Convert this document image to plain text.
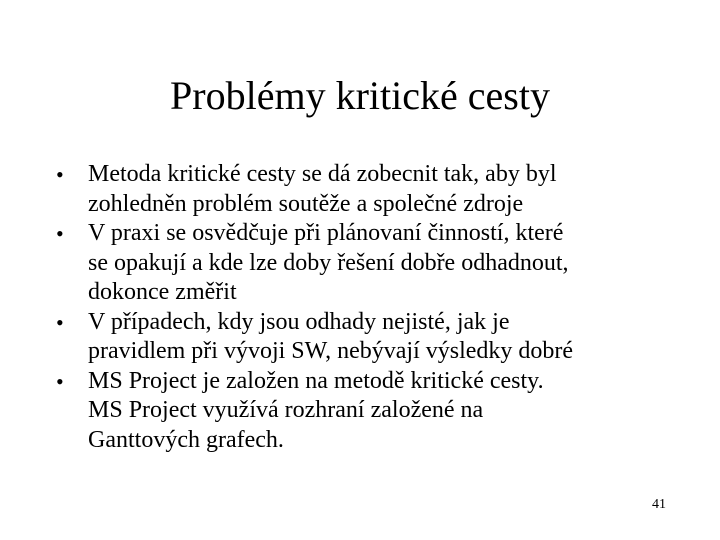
Problémy kritické cesty
•	Metoda kritické cesty se dá zobecnit tak, aby byl
zohledněn problém soutěže a společné zdroje
•	V praxi se osvědčuje při plánovaní činností, které
se opakují a kde lze doby řešení dobře odhadnout,
dokonce změřit
•	V případech, kdy jsou odhady nejisté, jak je
pravidlem při vývoji SW, nebývají výsledky dobré
•	MS Project je založen na metodě kritické cesty.
MS Project využívá rozhraní založené na
Ganttových grafech.
41
